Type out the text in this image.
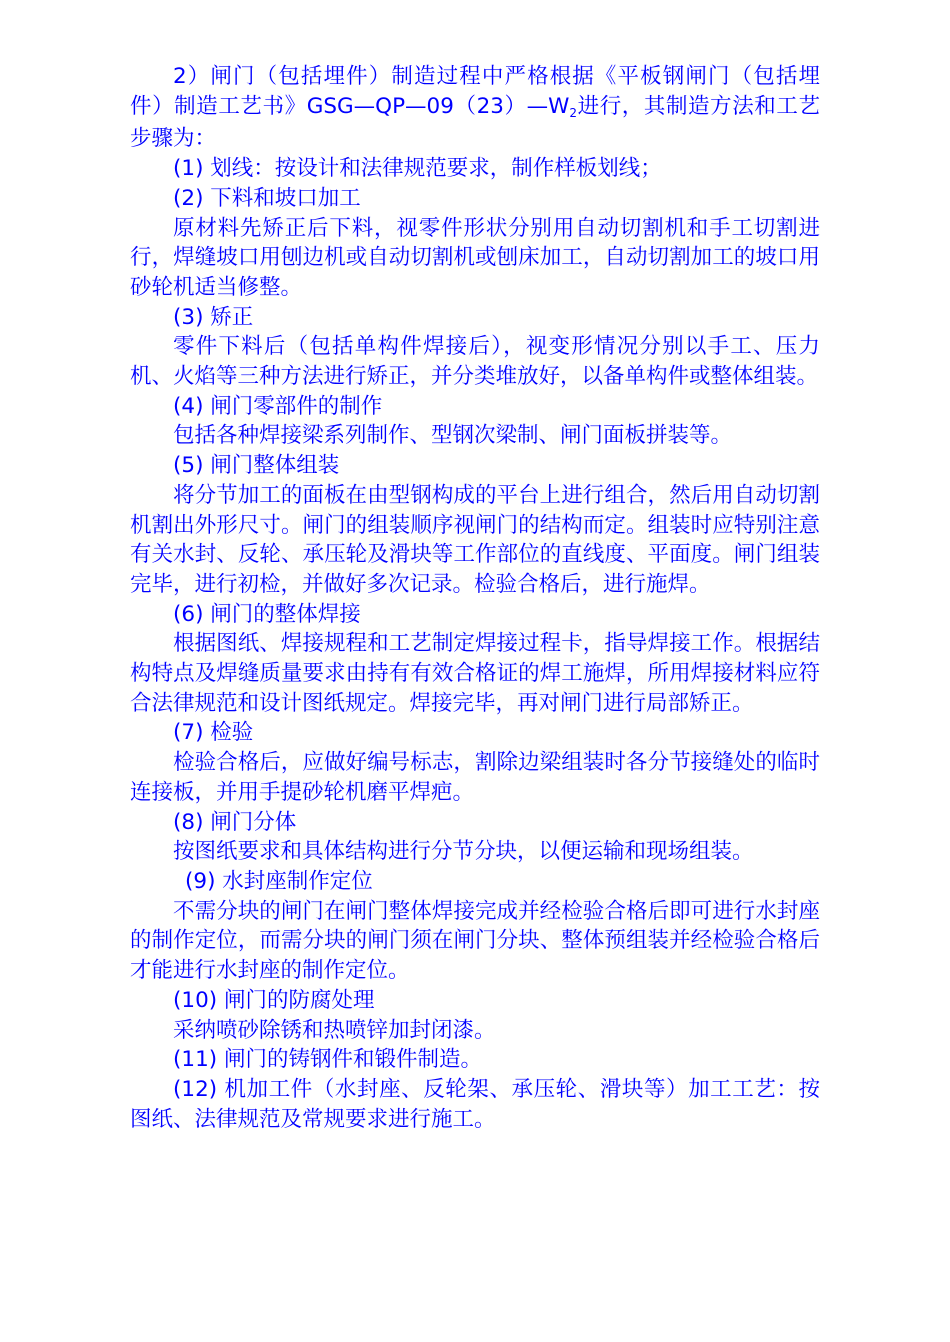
2）闸门（包括埋件）制造过程中严格根据《平板钢闸门（包括埋件）制造工艺书》GSG—QP—09（23）—W2进行，其制造方法和工艺步骤为：

(1) 划线：按设计和法律规范要求，制作样板划线；

(2) 下料和坡口加工

原材料先矫正后下料，视零件形状分别用自动切割机和手工切割进行，焊缝坡口用刨边机或自动切割机或刨床加工，自动切割加工的坡口用砂轮机适当修整。

(3) 矫正

零件下料后（包括单构件焊接后），视变形情况分别以手工、压力机、火焰等三种方法进行矫正，并分类堆放好，以备单构件或整体组装。

(4) 闸门零部件的制作

包括各种焊接梁系列制作、型钢次梁制、闸门面板拼装等。

(5) 闸门整体组装

将分节加工的面板在由型钢构成的平台上进行组合，然后用自动切割机割出外形尺寸。闸门的组装顺序视闸门的结构而定。组装时应特别注意有关水封、反轮、承压轮及滑块等工作部位的直线度、平面度。闸门组装完毕，进行初检，并做好多次记录。检验合格后，进行施焊。

(6) 闸门的整体焊接

根据图纸、焊接规程和工艺制定焊接过程卡，指导焊接工作。根据结构特点及焊缝质量要求由持有有效合格证的焊工施焊，所用焊接材料应符合法律规范和设计图纸规定。焊接完毕，再对闸门进行局部矫正。

(7) 检验

检验合格后，应做好编号标志，割除边梁组装时各分节接缝处的临时连接板，并用手提砂轮机磨平焊疤。

(8) 闸门分体

按图纸要求和具体结构进行分节分块，以便运输和现场组装。

(9) 水封座制作定位

不需分块的闸门在闸门整体焊接完成并经检验合格后即可进行水封座的制作定位，而需分块的闸门须在闸门分块、整体预组装并经检验合格后才能进行水封座的制作定位。

(10) 闸门的防腐处理

采纳喷砂除锈和热喷锌加封闭漆。

(11) 闸门的铸钢件和锻件制造。

(12) 机加工件（水封座、反轮架、承压轮、滑块等）加工工艺：按图纸、法律规范及常规要求进行施工。
